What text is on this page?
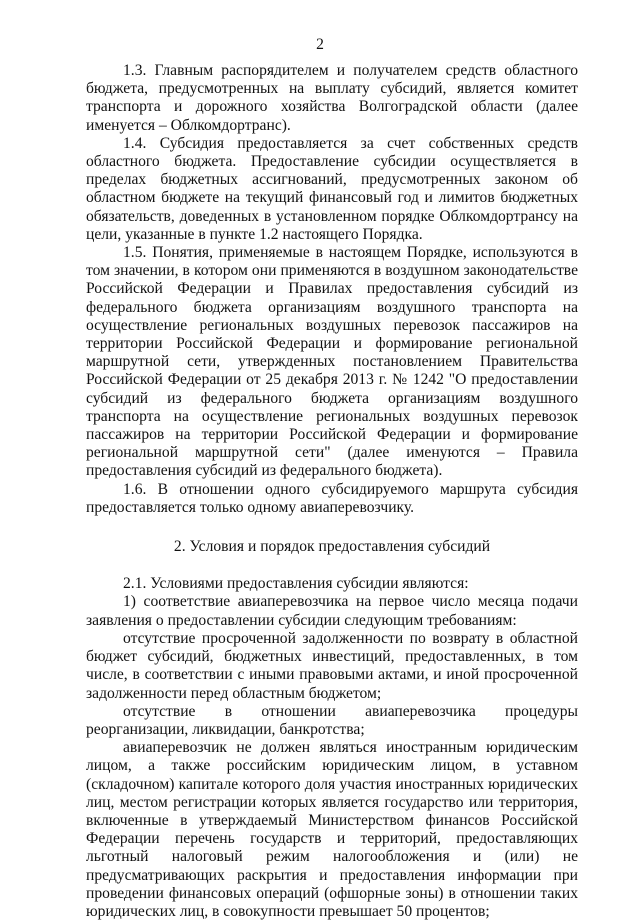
2

1.3. Главным распорядителем и получателем средств областного бюджета, предусмотренных на выплату субсидий, является комитет транспорта и дорожного хозяйства Волгоградской области (далее именуется – Облкомдортранс).

1.4. Субсидия предоставляется за счет собственных средств областного бюджета. Предоставление субсидии осуществляется в пределах бюджетных ассигнований, предусмотренных законом об областном бюджете на текущий финансовый год и лимитов бюджетных обязательств, доведенных в установленном порядке Облкомдортрансу на цели, указанные в пункте 1.2 настоящего Порядка.

1.5. Понятия, применяемые в настоящем Порядке, используются в том значении, в котором они применяются в воздушном законодательстве Российской Федерации и Правилах предоставления субсидий из федерального бюджета организациям воздушного транспорта на осуществление региональных воздушных перевозок пассажиров на территории Российской Федерации и формирование региональной маршрутной сети, утвержденных постановлением Правительства Российской Федерации от 25 декабря 2013 г. № 1242 "О предоставлении субсидий из федерального бюджета организациям воздушного транспорта на осуществление региональных воздушных перевозок пассажиров на территории Российской Федерации и формирование региональной маршрутной сети" (далее именуются – Правила предоставления субсидий из федерального бюджета).

1.6. В отношении одного субсидируемого маршрута субсидия предоставляется только одному авиаперевозчику.

2. Условия и порядок предоставления субсидий

2.1. Условиями предоставления субсидии являются:

1) соответствие авиаперевозчика на первое число месяца подачи заявления о предоставлении субсидии следующим требованиям:

отсутствие просроченной задолженности по возврату в областной бюджет субсидий, бюджетных инвестиций, предоставленных, в том числе, в соответствии с иными правовыми актами, и иной просроченной задолженности перед областным бюджетом;

отсутствие в отношении авиаперевозчика процедуры реорганизации, ликвидации, банкротства;

авиаперевозчик не должен являться иностранным юридическим лицом, а также российским юридическим лицом, в уставном (складочном) капитале которого доля участия иностранных юридических лиц, местом регистрации которых является государство или территория, включенные в утверждаемый Министерством финансов Российской Федерации перечень государств и территорий, предоставляющих льготный налоговый режим налогообложения и (или) не предусматривающих раскрытия и предоставления информации при проведении финансовых операций (офшорные зоны) в отношении таких юридических лиц, в совокупности превышает 50 процентов;
